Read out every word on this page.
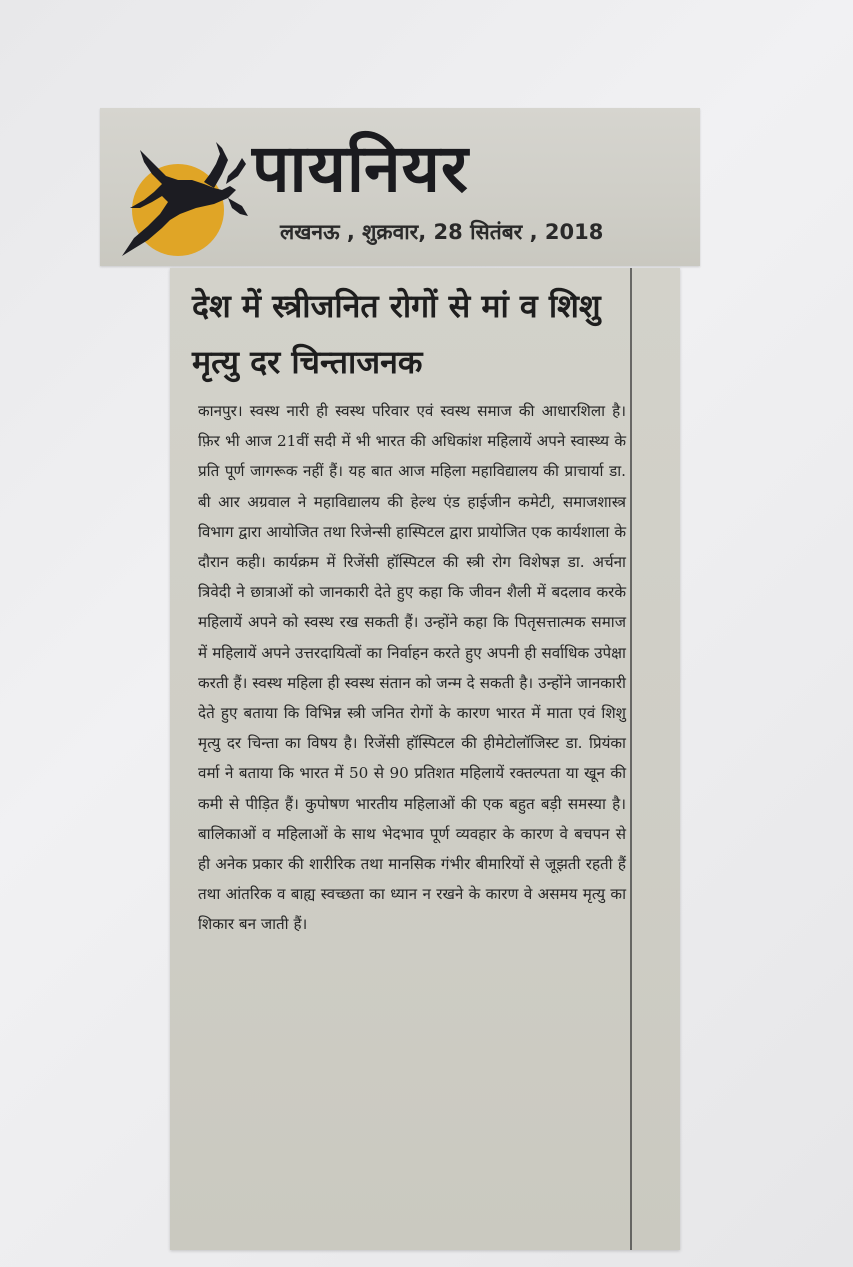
पायनियर
लखनऊ , शुक्रवार, 28 सितंबर , 2018
देश में स्त्रीजनित रोगों से मां व शिशु मृत्यु दर चिन्ताजनक

कानपुर। स्वस्थ नारी ही स्वस्थ परिवार एवं स्वस्थ समाज की आधारशिला है। फ़िर भी आज 21वीं सदी में भी भारत की अधिकांश महिलायें अपने स्वास्थ्य के प्रति पूर्ण जागरूक नहीं हैं। यह बात आज महिला महाविद्यालय की प्राचार्या डा. बी आर अग्रवाल ने महाविद्यालय की हेल्थ एंड हाईजीन कमेटी, समाजशास्त्र विभाग द्वारा आयोजित तथा रिजेन्सी हास्पिटल द्वारा प्रायोजित एक कार्यशाला के दौरान कही। कार्यक्रम में रिजेंसी हॉस्पिटल की स्त्री रोग विशेषज्ञ डा. अर्चना त्रिवेदी ने छात्राओं को जानकारी देते हुए कहा कि जीवन शैली में बदलाव करके महिलायें अपने को स्वस्थ रख सकती हैं। उन्होंने कहा कि पितृसत्तात्मक समाज में महिलायें अपने उत्तरदायित्वों का निर्वाहन करते हुए अपनी ही सर्वाधिक उपेक्षा करती हैं। स्वस्थ महिला ही स्वस्थ संतान को जन्म दे सकती है। उन्होंने जानकारी देते हुए बताया कि विभिन्न स्त्री जनित रोगों के कारण भारत में माता एवं शिशु मृत्यु दर चिन्ता का विषय है। रिजेंसी हॉस्पिटल की हीमेटोलॉजिस्ट डा. प्रियंका वर्मा ने बताया कि भारत में 50 से 90 प्रतिशत महिलायें रक्तल्पता या खून की कमी से पीड़ित हैं। कुपोषण भारतीय महिलाओं की एक बहुत बड़ी समस्या है। बालिकाओं व महिलाओं के साथ भेदभाव पूर्ण व्यवहार के कारण वे बचपन से ही अनेक प्रकार की शारीरिक तथा मानसिक गंभीर बीमारियों से जूझती रहती हैं तथा आंतरिक व बाह्य स्वच्छता का ध्यान न रखने के कारण वे असमय मृत्यु का शिकार बन जाती हैं।
